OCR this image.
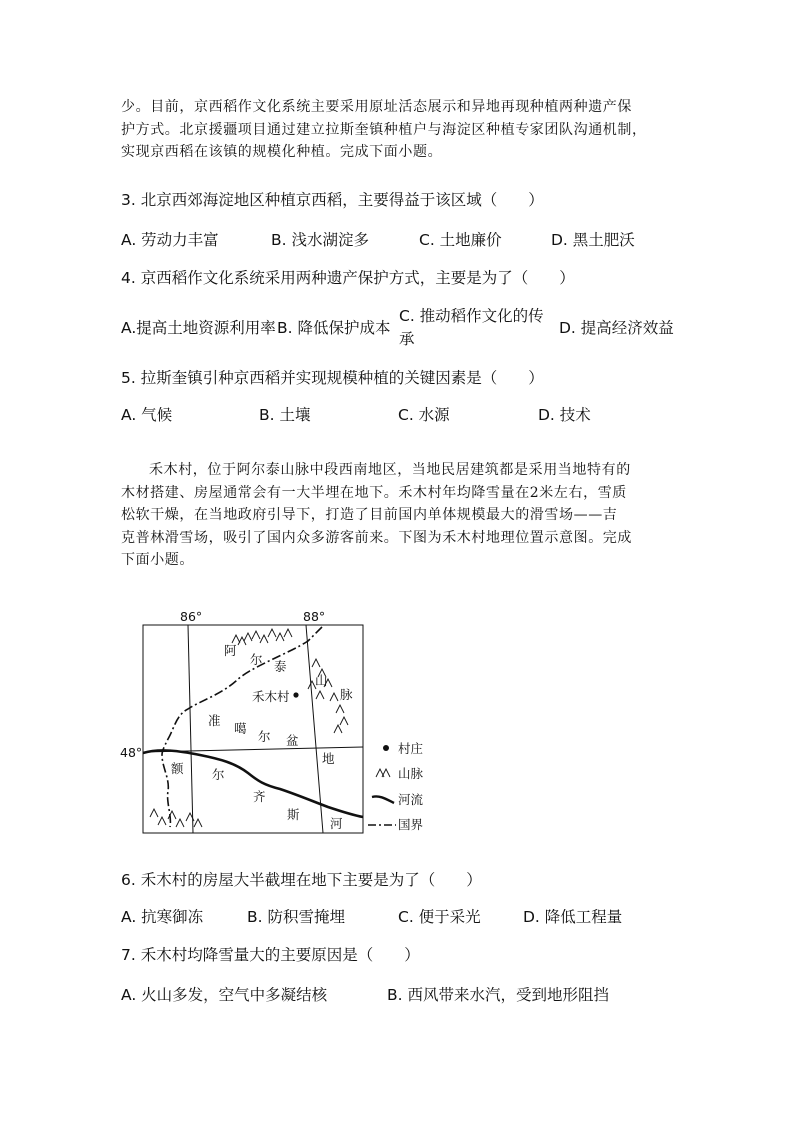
少。目前，京西稻作文化系统主要采用原址活态展示和异地再现种植两种遗产保
护方式。北京援疆项目通过建立拉斯奎镇种植户与海淀区种植专家团队沟通机制，
实现京西稻在该镇的规模化种植。完成下面小题。
3. 北京西郊海淀地区种植京西稻，主要得益于该区域（　　）
A. 劳动力丰富	B. 浅水湖淀多	C. 土地廉价	D. 黑土肥沃
4. 京西稻作文化系统采用两种遗产保护方式，主要是为了（　　）
A.提高土地资源利用率 B. 降低保护成本
C. 推动稻作文化的传
承
D. 提高经济效益
5. 拉斯奎镇引种京西稻并实现规模种植的关键因素是（　　）
A. 气候	B. 土壤	C. 水源	D. 技术
禾木村，位于阿尔泰山脉中段西南地区，当地民居建筑都是采用当地特有的
木材搭建、房屋通常会有一大半埋在地下。禾木村年均降雪量在2米左右，雪质
松软干燥，在当地政府引导下，打造了目前国内单体规模最大的滑雪场——吉
克普林滑雪场，吸引了国内众多游客前来。下图为禾木村地理位置示意图。完成
下面小题。
86°	88°
48°
阿
尔 泰
山
脉
禾木村
准
噶
尔 盆
地
额 尔
齐
斯
河
村庄
山脉
河流
国界
6. 禾木村的房屋大半截埋在地下主要是为了（　　）
A. 抗寒御冻	B. 防积雪掩埋	C. 便于采光	D. 降低工程量
7. 禾木村均降雪量大的主要原因是（　　）
A. 火山多发，空气中多凝结核	B. 西风带来水汽，受到地形阻挡
